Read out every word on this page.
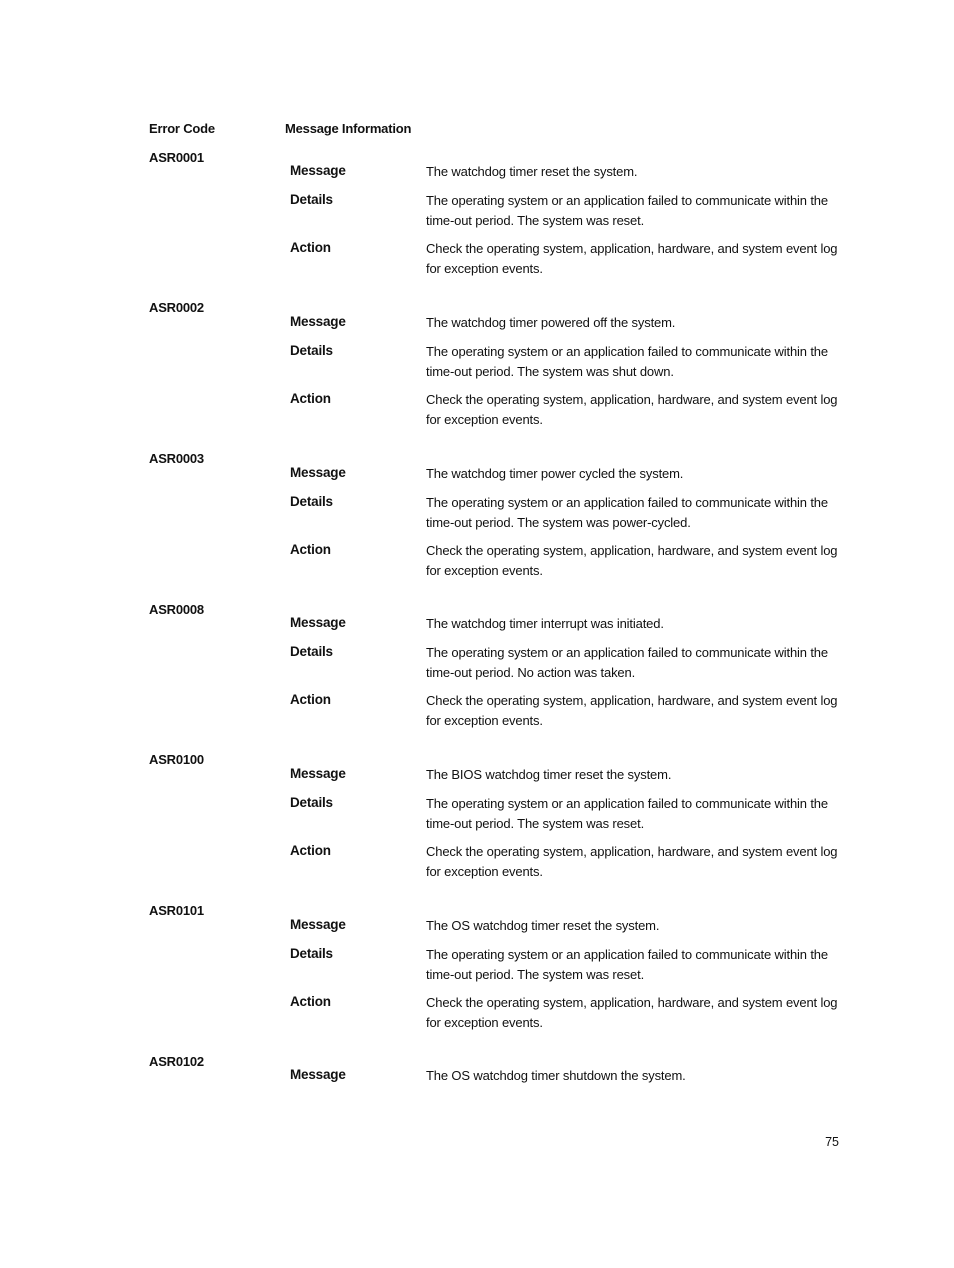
Error Code	Message Information
ASR0001
Message	The watchdog timer reset the system.
Details	The operating system or an application failed to communicate within the time-out period. The system was reset.
Action	Check the operating system, application, hardware, and system event log for exception events.
ASR0002
Message	The watchdog timer powered off the system.
Details	The operating system or an application failed to communicate within the time-out period. The system was shut down.
Action	Check the operating system, application, hardware, and system event log for exception events.
ASR0003
Message	The watchdog timer power cycled the system.
Details	The operating system or an application failed to communicate within the time-out period. The system was power-cycled.
Action	Check the operating system, application, hardware, and system event log for exception events.
ASR0008
Message	The watchdog timer interrupt was initiated.
Details	The operating system or an application failed to communicate within the time-out period. No action was taken.
Action	Check the operating system, application, hardware, and system event log for exception events.
ASR0100
Message	The BIOS watchdog timer reset the system.
Details	The operating system or an application failed to communicate within the time-out period. The system was reset.
Action	Check the operating system, application, hardware, and system event log for exception events.
ASR0101
Message	The OS watchdog timer reset the system.
Details	The operating system or an application failed to communicate within the time-out period. The system was reset.
Action	Check the operating system, application, hardware, and system event log for exception events.
ASR0102
Message	The OS watchdog timer shutdown the system.
75
